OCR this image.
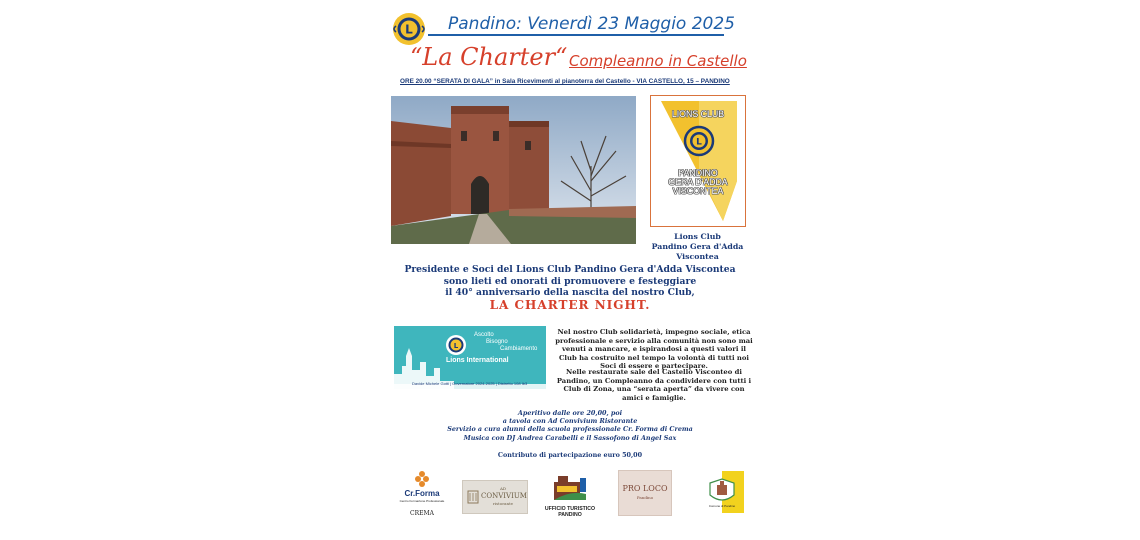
L Pandino: Venerdì 23 Maggio 2025
“La Charter“ Compleanno in Castello
ORE 20.00 “SERATA DI GALA” in Sala Ricevimenti al pianoterra del Castello - VIA CASTELLO, 15 – PANDINO
L
LIONS CLUB
PANDINO
GERA D'ADDA
VISCONTEA
Lions Club
Pandino Gera d'Adda Viscontea
Presidente e Soci del Lions Club Pandino Gera d'Adda Viscontea
sono lieti ed onorati di promuovere e festeggiare
il 40° anniversario della nascita del nostro Club,
LA CHARTER NIGHT.
L
Ascolto
Bisogno
Cambiamento
Lions International
Davide Michele Gotti | Governatore 2024-2025 | Distretto 108 Ib3
Nel nostro Club solidarietà, impegno sociale, etica professionale e servizio alla comunità non sono mai venuti a mancare, e ispirandosi a questi valori il Club ha costruito nel tempo la volontà di tutti noi Soci di essere e partecipare.
Nelle restaurate sale del Castello Visconteo di Pandino, un Compleanno da condividere con tutti i Club di Zona, una “serata aperta” da vivere con amici e famiglie.
Aperitivo dalle ore 20,00, poi
a tavola con Ad Convivium Ristorante
Servizio a cura alunni della scuola professionale Cr. Forma di Crema
Musica con DJ Andrea Carabelli e il Sassofono di Angel Sax
Contributo di partecipazione euro 50,00
Cr.Forma
Centro Formazione Professionale
CREMA
AD
CONVIVIUM
ristorante
UFFICIO TURISTICO
PANDINO
PRO LOCO
Pandino
Comune di Pandino
